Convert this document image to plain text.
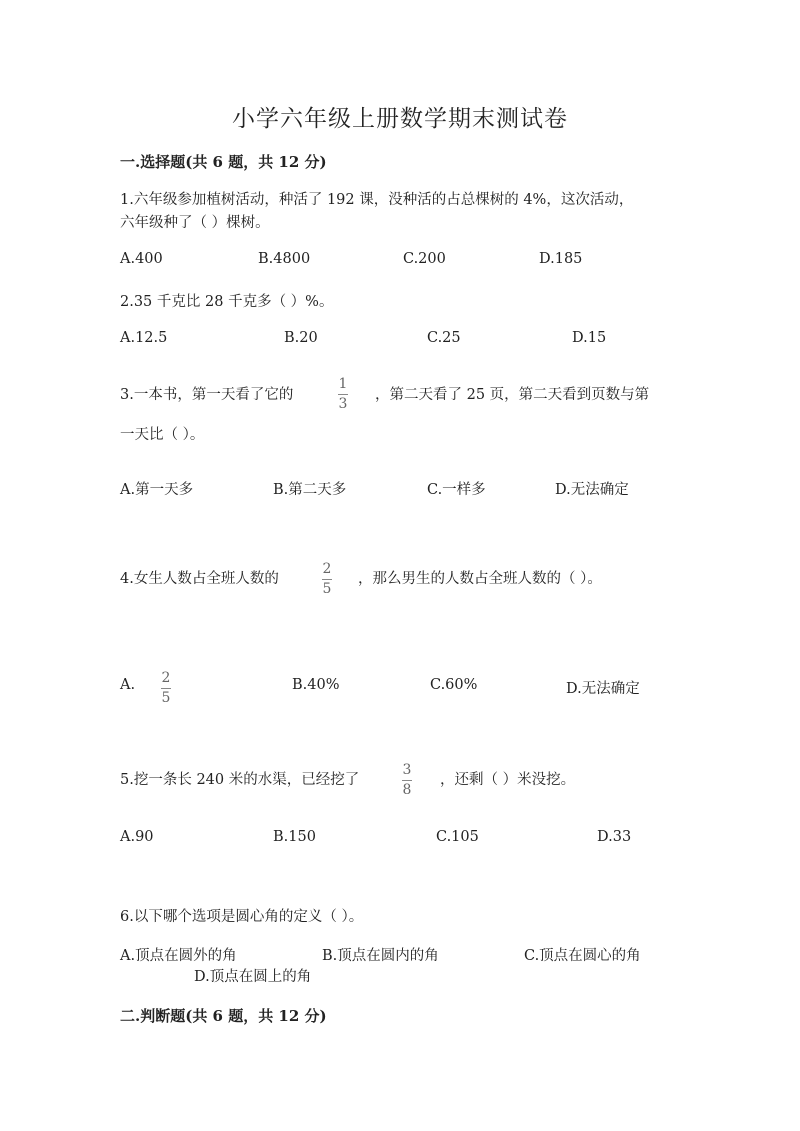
小学六年级上册数学期末测试卷
一.选择题(共 6 题，共 12 分)
1.六年级参加植树活动，种活了 192 课，没种活的占总棵树的 4%，这次活动，
六年级种了（ ）棵树。
A.400	B.4800	C.200	D.185
2.35 千克比 28 千克多（ ）%。
A.12.5	B.20	C.25	D.15
3.一本书，第一天看了它的
1
3
，第二天看了 25 页，第二天看到页数与第
一天比（ ）。
A.第一天多	B.第二天多	C.一样多	D.无法确定
4.女生人数占全班人数的
2
5
，那么男生的人数占全班人数的（ ）。
A. 2
5
B.40%	C.60%	D.无法确定
5.挖一条长 240 米的水渠，已经挖了
3
8
，还剩（ ）米没挖。
A.90	B.150	C.105	D.33
6.以下哪个选项是圆心角的定义（ ）。
A.顶点在圆外的角	B.顶点在圆内的角	C.顶点在圆心的角
D.顶点在圆上的角
二.判断题(共 6 题，共 12 分)
